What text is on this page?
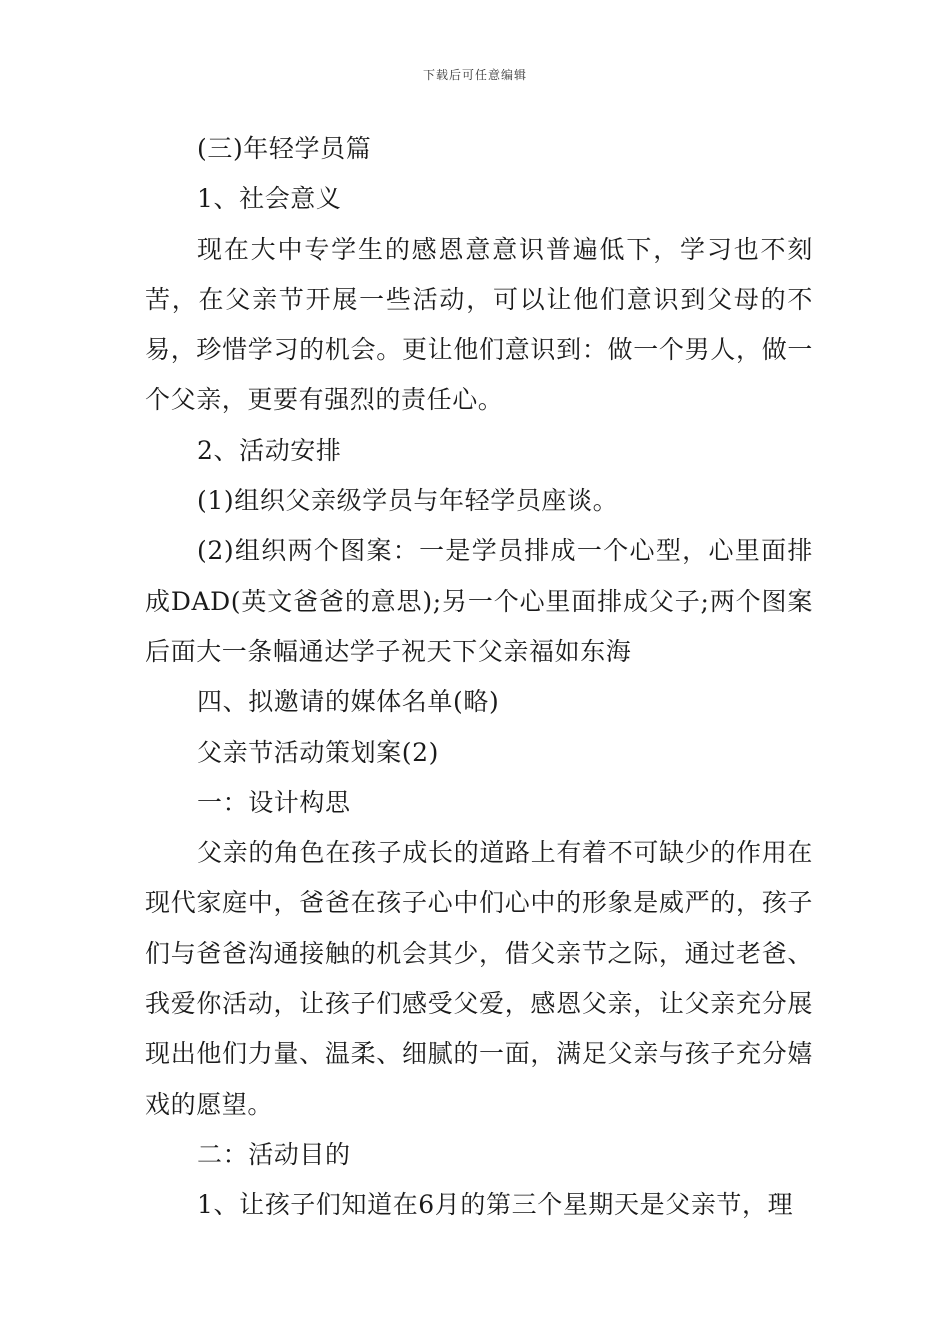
下载后可任意编辑

(三)年轻学员篇

1、社会意义

现在大中专学生的感恩意意识普遍低下，学习也不刻苦，在父亲节开展一些活动，可以让他们意识到父母的不易，珍惜学习的机会。更让他们意识到：做一个男人，做一个父亲，更要有强烈的责任心。

2、活动安排

(1)组织父亲级学员与年轻学员座谈。

(2)组织两个图案：一是学员排成一个心型，心里面排成DAD(英文爸爸的意思);另一个心里面排成父子;两个图案后面大一条幅通达学子祝天下父亲福如东海

四、拟邀请的媒体名单(略)

父亲节活动策划案(2)

一：设计构思

父亲的角色在孩子成长的道路上有着不可缺少的作用在现代家庭中，爸爸在孩子心中们心中的形象是威严的，孩子们与爸爸沟通接触的机会其少，借父亲节之际，通过老爸、我爱你活动，让孩子们感受父爱，感恩父亲，让父亲充分展现出他们力量、温柔、细腻的一面，满足父亲与孩子充分嬉戏的愿望。

二：活动目的

1、让孩子们知道在6月的第三个星期天是父亲节，理
